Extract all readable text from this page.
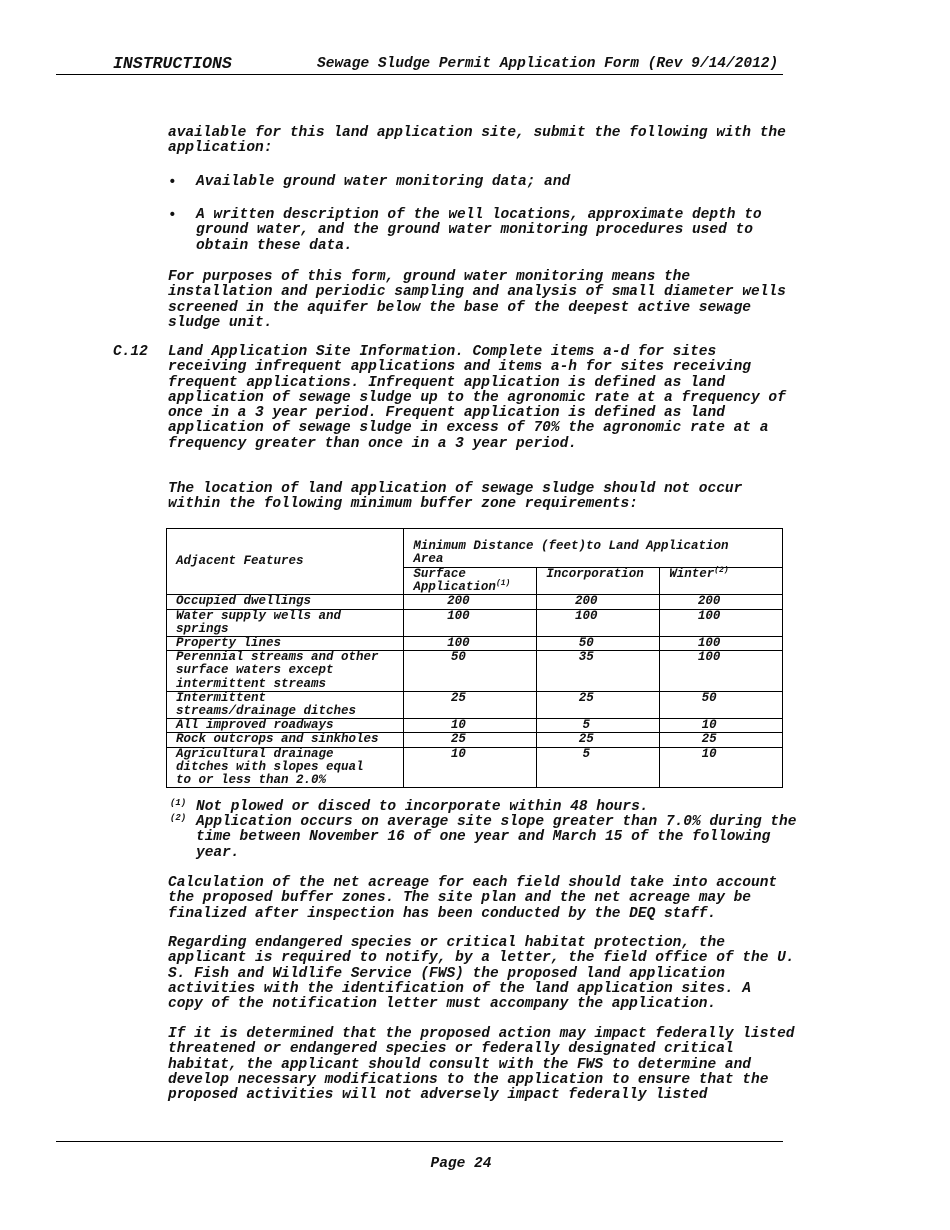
INSTRUCTIONS	Sewage Sludge Permit Application Form (Rev 9/14/2012)

available for this land application site, submit the following with the
application:

• Available ground water monitoring data; and
• A written description of the well locations, approximate depth to
ground water, and the ground water monitoring procedures used to
obtain these data.

For purposes of this form, ground water monitoring means the
installation and periodic sampling and analysis of small diameter wells
screened in the aquifer below the base of the deepest active sewage
sludge unit.

C.12 Land Application Site Information. Complete items a-d for sites
receiving infrequent applications and items a-h for sites receiving
frequent applications. Infrequent application is defined as land
application of sewage sludge up to the agronomic rate at a frequency of
once in a 3 year period. Frequent application is defined as land
application of sewage sludge in excess of 70% the agronomic rate at a
frequency greater than once in a 3 year period.

The location of land application of sewage sludge should not occur
within the following minimum buffer zone requirements:

Adjacent Features	Minimum Distance (feet)to Land Application
Area		
	Surface
Application$^{(1)}$	Incorporation	Winter$^{(2)}$
Occupied dwellings	200	200	200
Water supply wells and
springs	100	100	100
Property lines	100	50	100
Perennial streams and other
surface waters except
intermittent streams	50	35	100
Intermittent
streams/drainage ditches	25	25	50
All improved roadways	10	5	10
Rock outcrops and sinkholes	25	25	25
Agricultural drainage
ditches with slopes equal
to or less than 2.0%	10	5	10
(1) Not plowed or disced to incorporate within 48 hours.
(2) Application occurs on average site slope greater than 7.0% during the
time between November 16 of one year and March 15 of the following
year.

Calculation of the net acreage for each field should take into account
the proposed buffer zones. The site plan and the net acreage may be
finalized after inspection has been conducted by the DEQ staff.

Regarding endangered species or critical habitat protection, the
applicant is required to notify, by a letter, the field office of the U.
S. Fish and Wildlife Service (FWS) the proposed land application
activities with the identification of the land application sites. A
copy of the notification letter must accompany the application.

If it is determined that the proposed action may impact federally listed
threatened or endangered species or federally designated critical
habitat, the applicant should consult with the FWS to determine and
develop necessary modifications to the application to ensure that the
proposed activities will not adversely impact federally listed

Page 24
